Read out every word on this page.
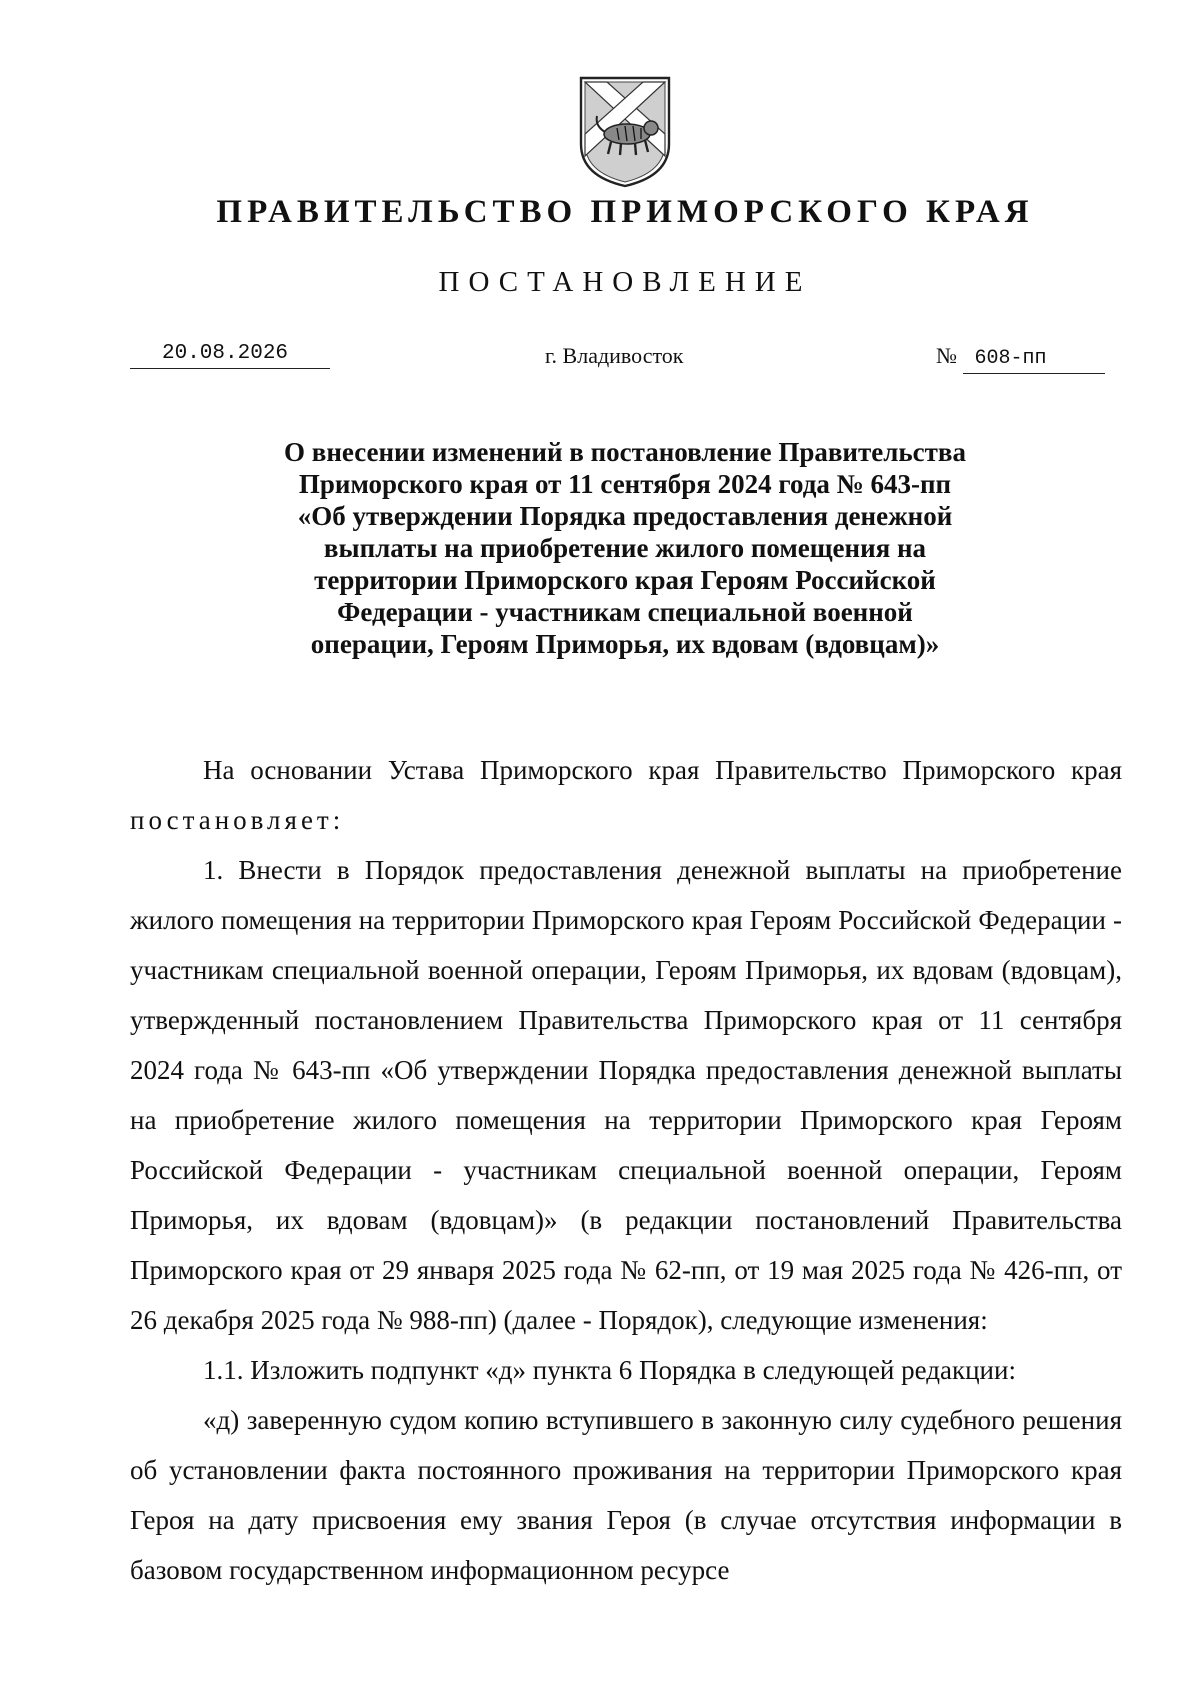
ПРАВИТЕЛЬСТВО ПРИМОРСКОГО КРАЯ
ПОСТАНОВЛЕНИЕ
20.08.2026	г. Владивосток	№ 608-пп
О внесении изменений в постановление Правительства
Приморского края от 11 сентября 2024 года № 643-пп
«Об утверждении Порядка предоставления денежной
выплаты на приобретение жилого помещения на
территории Приморского края Героям Российской
Федерации - участникам специальной военной
операции, Героям Приморья, их вдовам (вдовцам)»

На основании Устава Приморского края Правительство Приморского края постановляет:

1. Внести в Порядок предоставления денежной выплаты на приобретение жилого помещения на территории Приморского края Героям Российской Федерации - участникам специальной военной операции, Героям Приморья, их вдовам (вдовцам), утвержденный постановлением Правительства Приморского края от 11 сентября 2024 года № 643-пп «Об утверждении Порядка предоставления денежной выплаты на приобретение жилого помещения на территории Приморского края Героям Российской Федерации - участникам специальной военной операции, Героям Приморья, их вдовам (вдовцам)» (в редакции постановлений Правительства Приморского края от 29 января 2025 года № 62-пп, от 19 мая 2025 года № 426-пп, от 26 декабря 2025 года № 988-пп) (далее - Порядок), следующие изменения:

1.1. Изложить подпункт «д» пункта 6 Порядка в следующей редакции:

«д) заверенную судом копию вступившего в законную силу судебного решения об установлении факта постоянного проживания на территории Приморского края Героя на дату присвоения ему звания Героя (в случае отсутствия информации в базовом государственном информационном ресурсе
